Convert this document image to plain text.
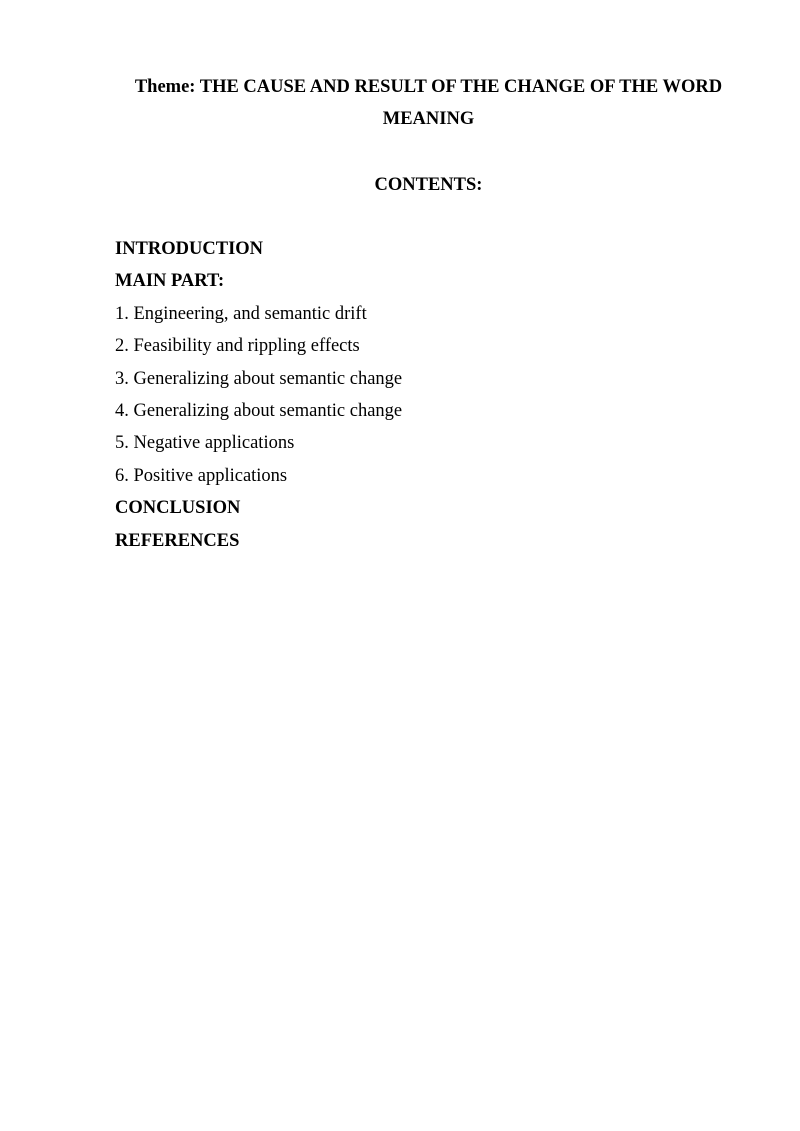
Theme: THE CAUSE AND RESULT OF THE CHANGE OF THE WORD MEANING
CONTENTS:
INTRODUCTION
MAIN PART:
1. Engineering, and semantic drift
2. Feasibility and rippling effects
3. Generalizing about semantic change
4. Generalizing about semantic change
5. Negative applications
6. Positive applications
CONCLUSION
REFERENCES
